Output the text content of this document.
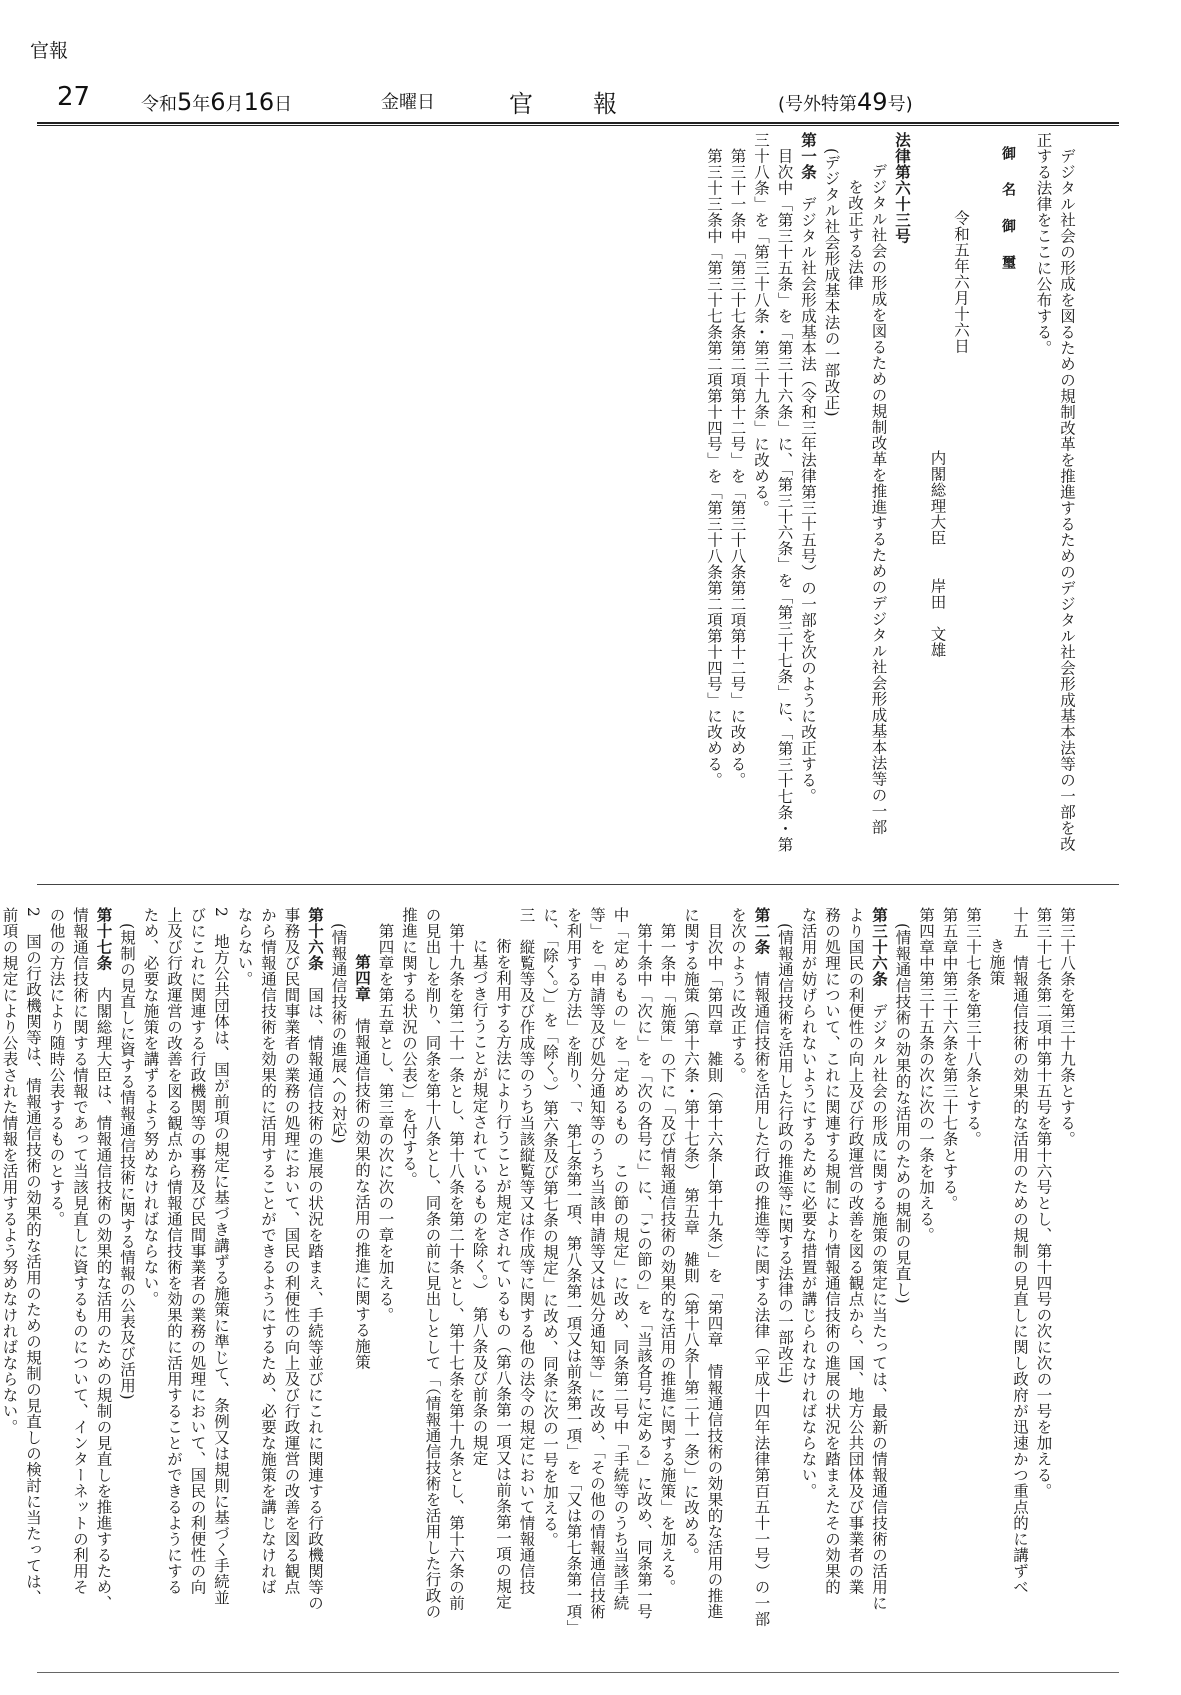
官報
27	令和5年6月16日	金曜日	官報	(号外特第49号)
デジタル社会の形成を図るための規制改革を推進するためのデジタル社会形成基本法等の一部を改
正する法律をここに公布する。
御名御璽
令和五年六月十六日
内閣総理大臣　　岸田　文雄
法律第六十三号
デジタル社会の形成を図るための規制改革を推進するためのデジタル社会形成基本法等の一部
を改正する法律
(デジタル社会形成基本法の一部改正)
第一条　デジタル社会形成基本法（令和三年法律第三十五号）の一部を次のように改正する。
目次中「第三十五条」を「第三十六条」に、「第三十六条」を「第三十七条」に、「第三十七条・第
三十八条」を「第三十八条・第三十九条」に改める。
第三十一条中「第三十七条第二項第十二号」を「第三十八条第二項第十二号」に改める。
第三十三条中「第三十七条第二項第十四号」を「第三十八条第二項第十四号」に改める。
第三十八条を第三十九条とする。
第三十七条第二項中第十五号を第十六号とし、第十四号の次に次の一号を加える。
十五　情報通信技術の効果的な活用のための規制の見直しに関し政府が迅速かつ重点的に講ずべ
き施策
第三十七条を第三十八条とする。
第五章中第三十六条を第三十七条とする。
第四章中第三十五条の次に次の一条を加える。
(情報通信技術の効果的な活用のための規制の見直し)
第三十六条　デジタル社会の形成に関する施策の策定に当たっては、最新の情報通信技術の活用に
より国民の利便性の向上及び行政運営の改善を図る観点から、国、地方公共団体及び事業者の業
務の処理について、これに関連する規制により情報通信技術の進展の状況を踏まえたその効果的
な活用が妨げられないようにするために必要な措置が講じられなければならない。
(情報通信技術を活用した行政の推進等に関する法律の一部改正)
第二条　情報通信技術を活用した行政の推進等に関する法律（平成十四年法律第百五十一号）の一部
を次のように改正する。
目次中「第四章　雑則（第十六条―第十九条）」を「第四章　情報通信技術の効果的な活用の推進
に関する施策（第十六条・第十七条）　第五章　雑則（第十八条―第二十一条）」に改める。
第一条中「施策」の下に「及び情報通信技術の効果的な活用の推進に関する施策」を加える。
第十条中「次に」を「次の各号に」に、「この節の」を「当該各号に定める」に改め、同条第一号
中「定めるもの」を「定めるもの　この節の規定」に改め、同条第二号中「手続等のうち当該手続
等」を「申請等及び処分通知等のうち当該申請等又は処分通知等」に改め、「その他の情報通信技術
を利用する方法」を削り、「、第七条第一項、第八条第一項又は前条第一項」を「又は第七条第一項」
に、「除く。）」を「除く。）第六条及び第七条の規定」に改め、同条に次の一号を加える。
三　縦覧等及び作成等のうち当該縦覧等又は作成等に関する他の法令の規定において情報通信技
術を利用する方法により行うことが規定されているもの（第八条第一項又は前条第一項の規定
に基づき行うことが規定されているものを除く。）　第八条及び前条の規定
第十九条を第二十一条とし、第十八条を第二十条とし、第十七条を第十九条とし、第十六条の前
の見出しを削り、同条を第十八条とし、同条の前に見出しとして「（情報通信技術を活用した行政の
推進に関する状況の公表）」を付する。
第四章を第五章とし、第三章の次に次の一章を加える。
第四章　情報通信技術の効果的な活用の推進に関する施策
(情報通信技術の進展への対応)
第十六条　国は、情報通信技術の進展の状況を踏まえ、手続等並びにこれに関連する行政機関等の
事務及び民間事業者の業務の処理において、国民の利便性の向上及び行政運営の改善を図る観点
から情報通信技術を効果的に活用することができるようにするため、必要な施策を講じなければ
ならない。
2　地方公共団体は、国が前項の規定に基づき講ずる施策に準じて、条例又は規則に基づく手続並
びにこれに関連する行政機関等の事務及び民間事業者の業務の処理において、国民の利便性の向
上及び行政運営の改善を図る観点から情報通信技術を効果的に活用することができるようにする
ため、必要な施策を講ずるよう努めなければならない。
(規制の見直しに資する情報通信技術に関する情報の公表及び活用)
第十七条　内閣総理大臣は、情報通信技術の効果的な活用のための規制の見直しを推進するため、
情報通信技術に関する情報であって当該見直しに資するものについて、インターネットの利用そ
の他の方法により随時公表するものとする。
2　国の行政機関等は、情報通信技術の効果的な活用のための規制の見直しの検討に当たっては、
前項の規定により公表された情報を活用するよう努めなければならない。
